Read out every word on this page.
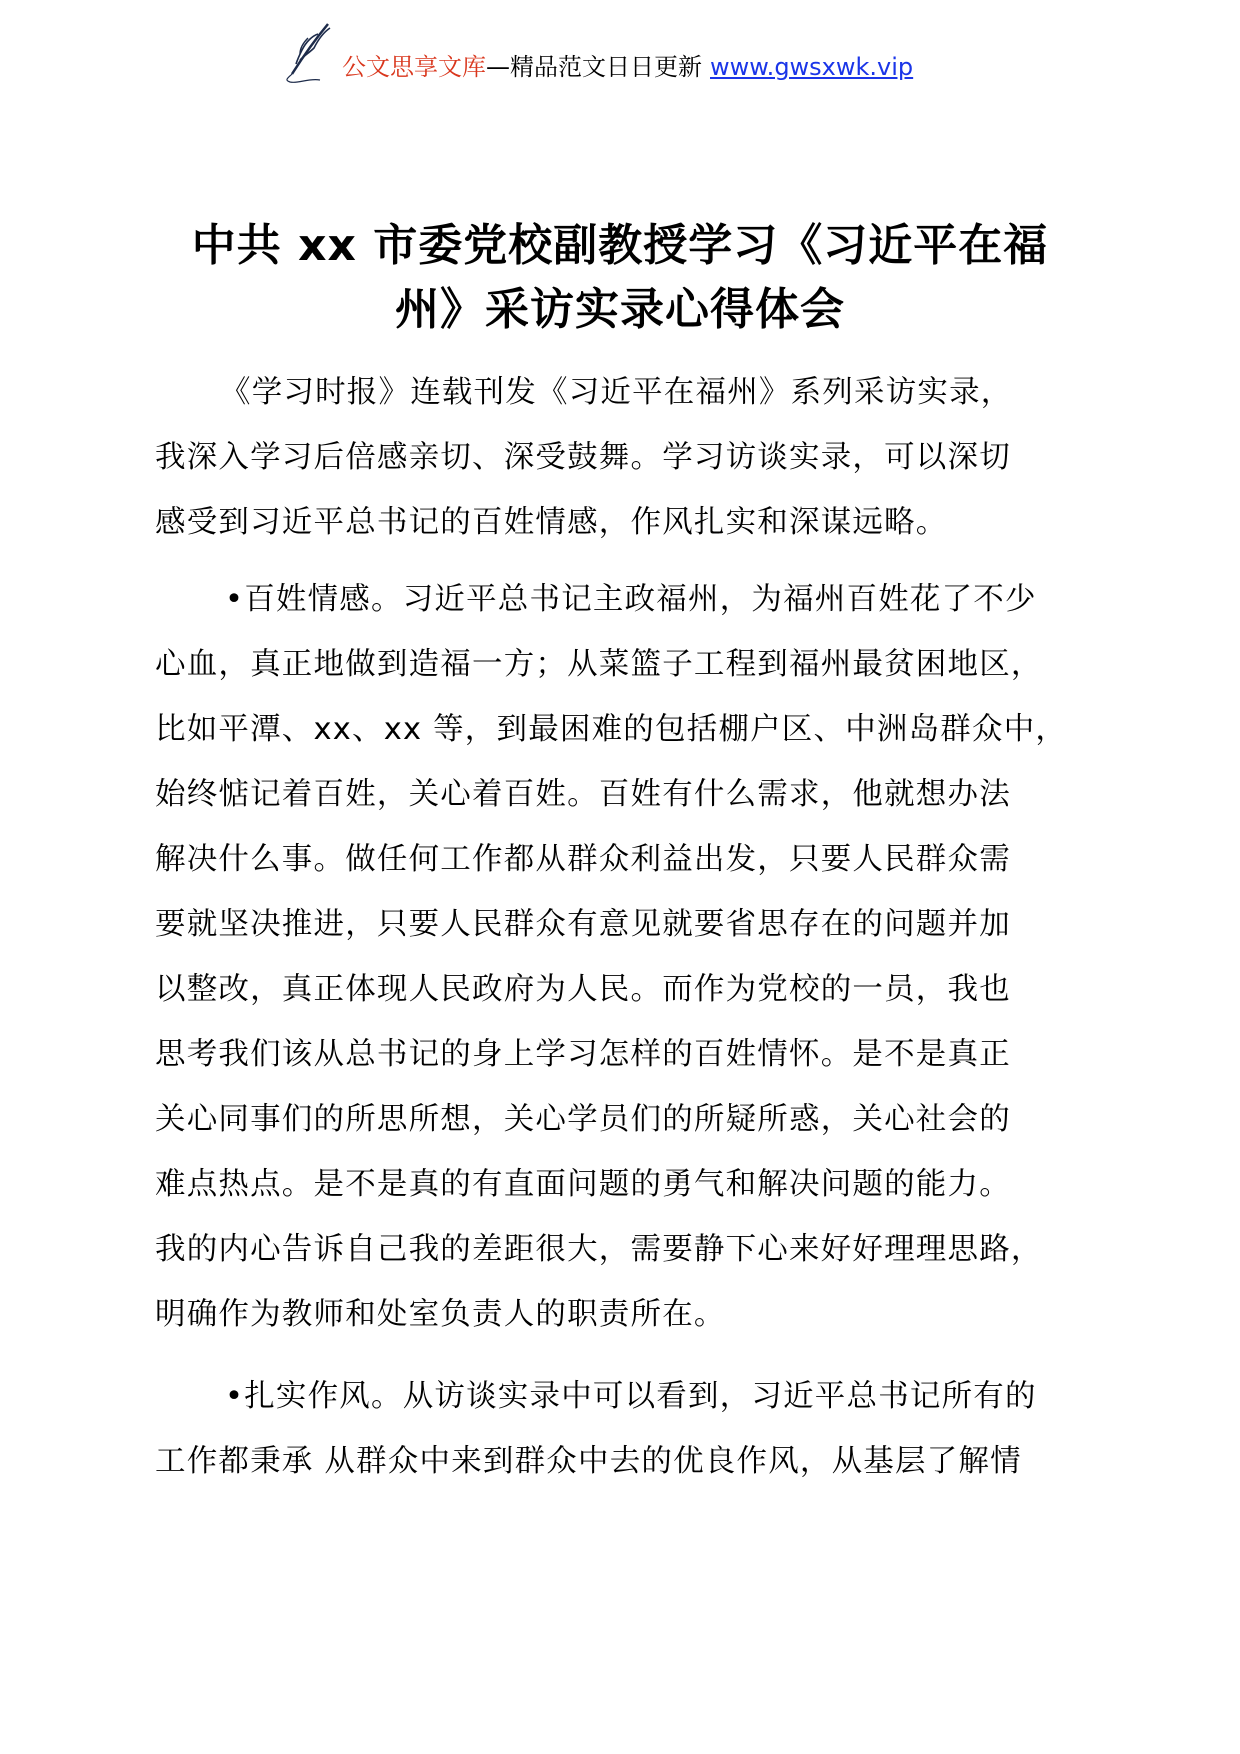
公文思享文库—精品范文日日更新 www.gwsxwk.vip
中共 xx 市委党校副教授学习《习近平在福
州》采访实录心得体会
《学习时报》连载刊发《习近平在福州》系列采访实录，
我深入学习后倍感亲切、深受鼓舞。学习访谈实录，可以深切
感受到习近平总书记的百姓情感，作风扎实和深谋远略。
•百姓情感。习近平总书记主政福州，为福州百姓花了不少
心血，真正地做到造福一方；从菜篮子工程到福州最贫困地区，
比如平潭、xx、xx 等，到最困难的包括棚户区、中洲岛群众中，
始终惦记着百姓，关心着百姓。百姓有什么需求，他就想办法
解决什么事。做任何工作都从群众利益出发，只要人民群众需
要就坚决推进，只要人民群众有意见就要省思存在的问题并加
以整改，真正体现人民政府为人民。而作为党校的一员，我也
思考我们该从总书记的身上学习怎样的百姓情怀。是不是真正
关心同事们的所思所想，关心学员们的所疑所惑，关心社会的
难点热点。是不是真的有直面问题的勇气和解决问题的能力。
我的内心告诉自己我的差距很大，需要静下心来好好理理思路，
明确作为教师和处室负责人的职责所在。
•扎实作风。从访谈实录中可以看到，习近平总书记所有的
工作都秉承 从群众中来到群众中去的优良作风，从基层了解情
